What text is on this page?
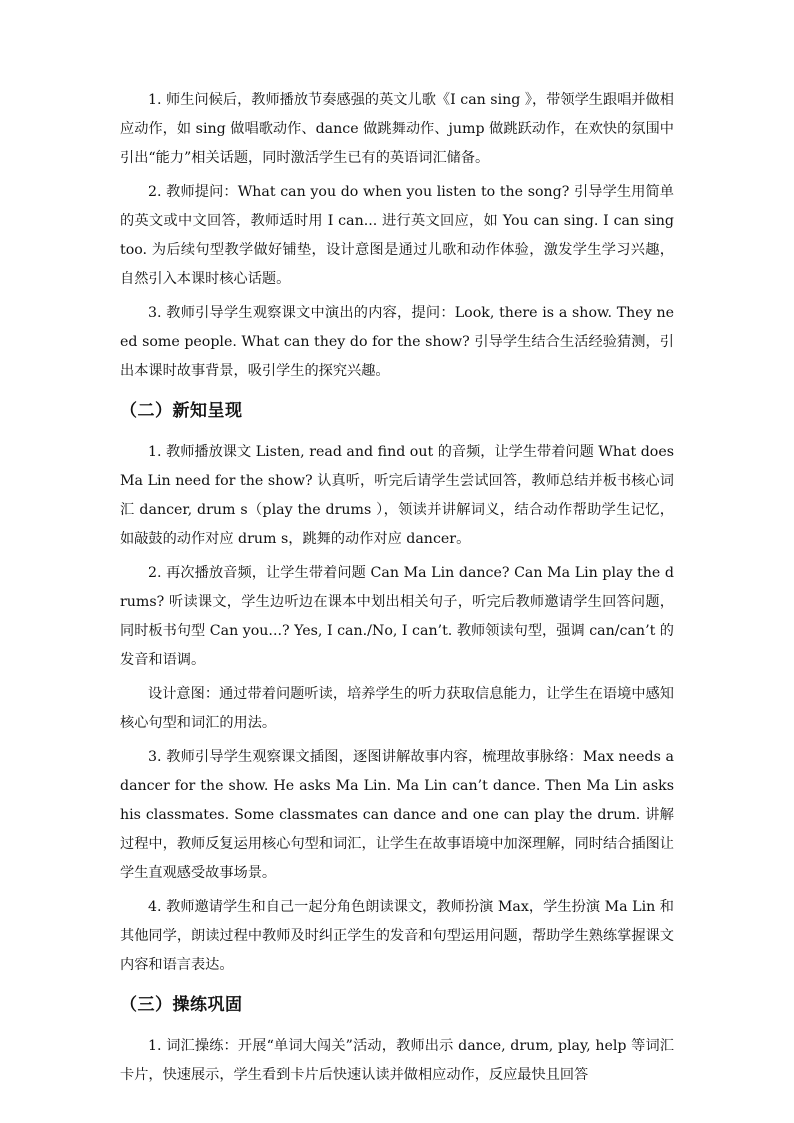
1. 师生问候后，教师播放节奏感强的英文儿歌《I can sing 》，带领学生跟唱并做相应动作，如 sing 做唱歌动作、dance 做跳舞动作、jump 做跳跃动作，在欢快的氛围中引出“能力”相关话题，同时激活学生已有的英语词汇储备。

2. 教师提问：What can you do when you listen to the song? 引导学生用简单的英文或中文回答，教师适时用 I can... 进行英文回应，如 You can sing. I can sing too. 为后续句型教学做好铺垫，设计意图是通过儿歌和动作体验，激发学生学习兴趣，自然引入本课时核心话题。

3. 教师引导学生观察课文中演出的内容，提问：Look, there is a show. They need some people. What can they do for the show? 引导学生结合生活经验猜测，引出本课时故事背景，吸引学生的探究兴趣。

（二）新知呈现

1. 教师播放课文 Listen, read and find out 的音频，让学生带着问题 What does Ma Lin need for the show? 认真听，听完后请学生尝试回答，教师总结并板书核心词汇 dancer, drum s（play the drums ），领读并讲解词义，结合动作帮助学生记忆，如敲鼓的动作对应 drum s，跳舞的动作对应 dancer。

2. 再次播放音频，让学生带着问题 Can Ma Lin dance? Can Ma Lin play the drums? 听读课文，学生边听边在课本中划出相关句子，听完后教师邀请学生回答问题，同时板书句型 Can you...? Yes, I can./No, I can’t. 教师领读句型，强调 can/can’t 的发音和语调。

设计意图：通过带着问题听读，培养学生的听力获取信息能力，让学生在语境中感知核心句型和词汇的用法。

3. 教师引导学生观察课文插图，逐图讲解故事内容，梳理故事脉络：Max needs a dancer for the show. He asks Ma Lin. Ma Lin can’t dance. Then Ma Lin asks his classmates. Some classmates can dance and one can play the drum. 讲解过程中，教师反复运用核心句型和词汇，让学生在故事语境中加深理解，同时结合插图让学生直观感受故事场景。

4. 教师邀请学生和自己一起分角色朗读课文，教师扮演 Max，学生扮演 Ma Lin 和其他同学，朗读过程中教师及时纠正学生的发音和句型运用问题，帮助学生熟练掌握课文内容和语言表达。

（三）操练巩固

1. 词汇操练：开展“单词大闯关”活动，教师出示 dance, drum, play, help 等词汇卡片，快速展示，学生看到卡片后快速认读并做相应动作，反应最快且回答
